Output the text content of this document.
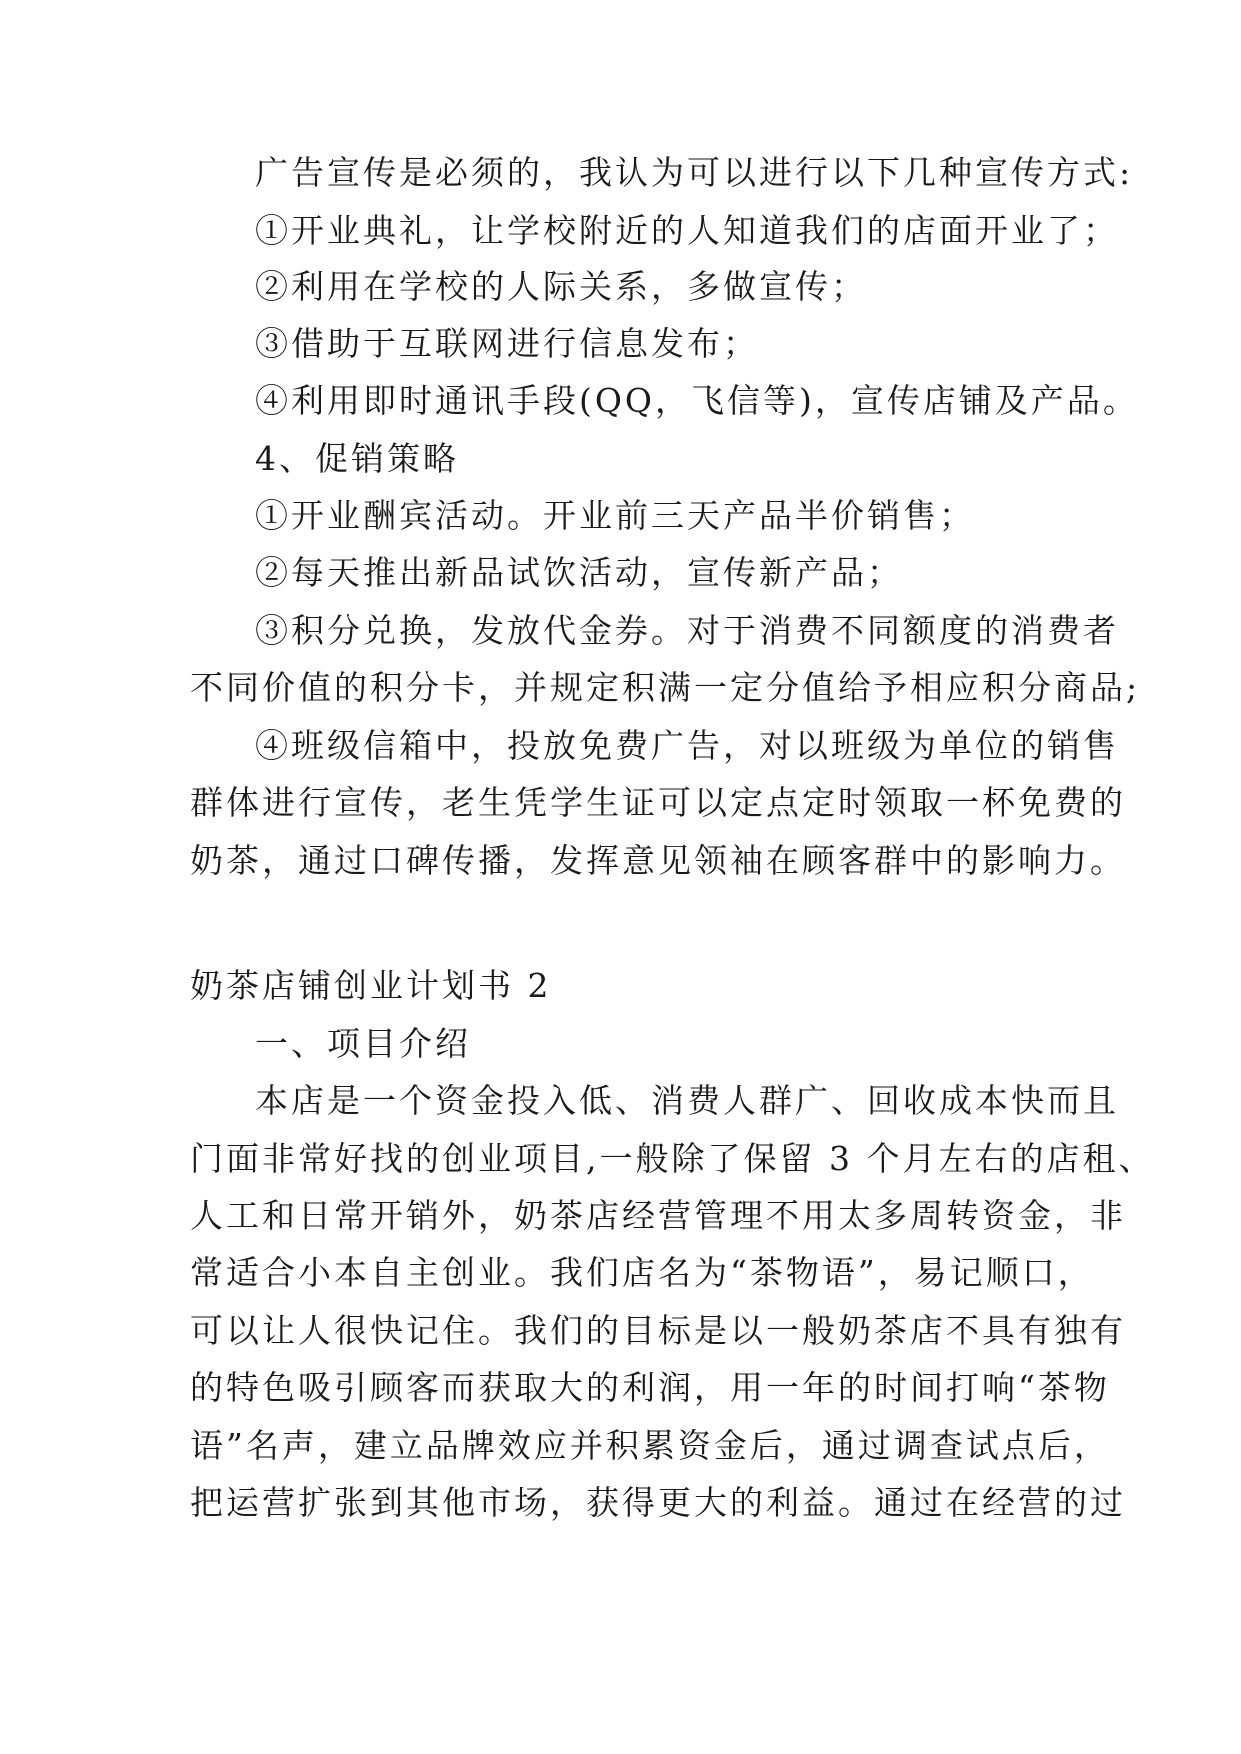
广告宣传是必须的，我认为可以进行以下几种宣传方式:
①开业典礼，让学校附近的人知道我们的店面开业了；
②利用在学校的人际关系，多做宣传；
③借助于互联网进行信息发布；
④利用即时通讯手段(QQ，飞信等)，宣传店铺及产品。
4、促销策略
①开业酬宾活动。开业前三天产品半价销售；
②每天推出新品试饮活动，宣传新产品；
③积分兑换，发放代金券。对于消费不同额度的消费者
不同价值的积分卡，并规定积满一定分值给予相应积分商品;
④班级信箱中，投放免费广告，对以班级为单位的销售
群体进行宣传，老生凭学生证可以定点定时领取一杯免费的
奶茶，通过口碑传播，发挥意见领袖在顾客群中的影响力。
奶茶店铺创业计划书 2
一、项目介绍
本店是一个资金投入低、消费人群广、回收成本快而且
门面非常好找的创业项目,一般除了保留 3 个月左右的店租、
人工和日常开销外，奶茶店经营管理不用太多周转资金，非
常适合小本自主创业。我们店名为“茶物语”，易记顺口，
可以让人很快记住。我们的目标是以一般奶茶店不具有独有
的特色吸引顾客而获取大的利润，用一年的时间打响“茶物
语”名声，建立品牌效应并积累资金后，通过调查试点后，
把运营扩张到其他市场，获得更大的利益。通过在经营的过
